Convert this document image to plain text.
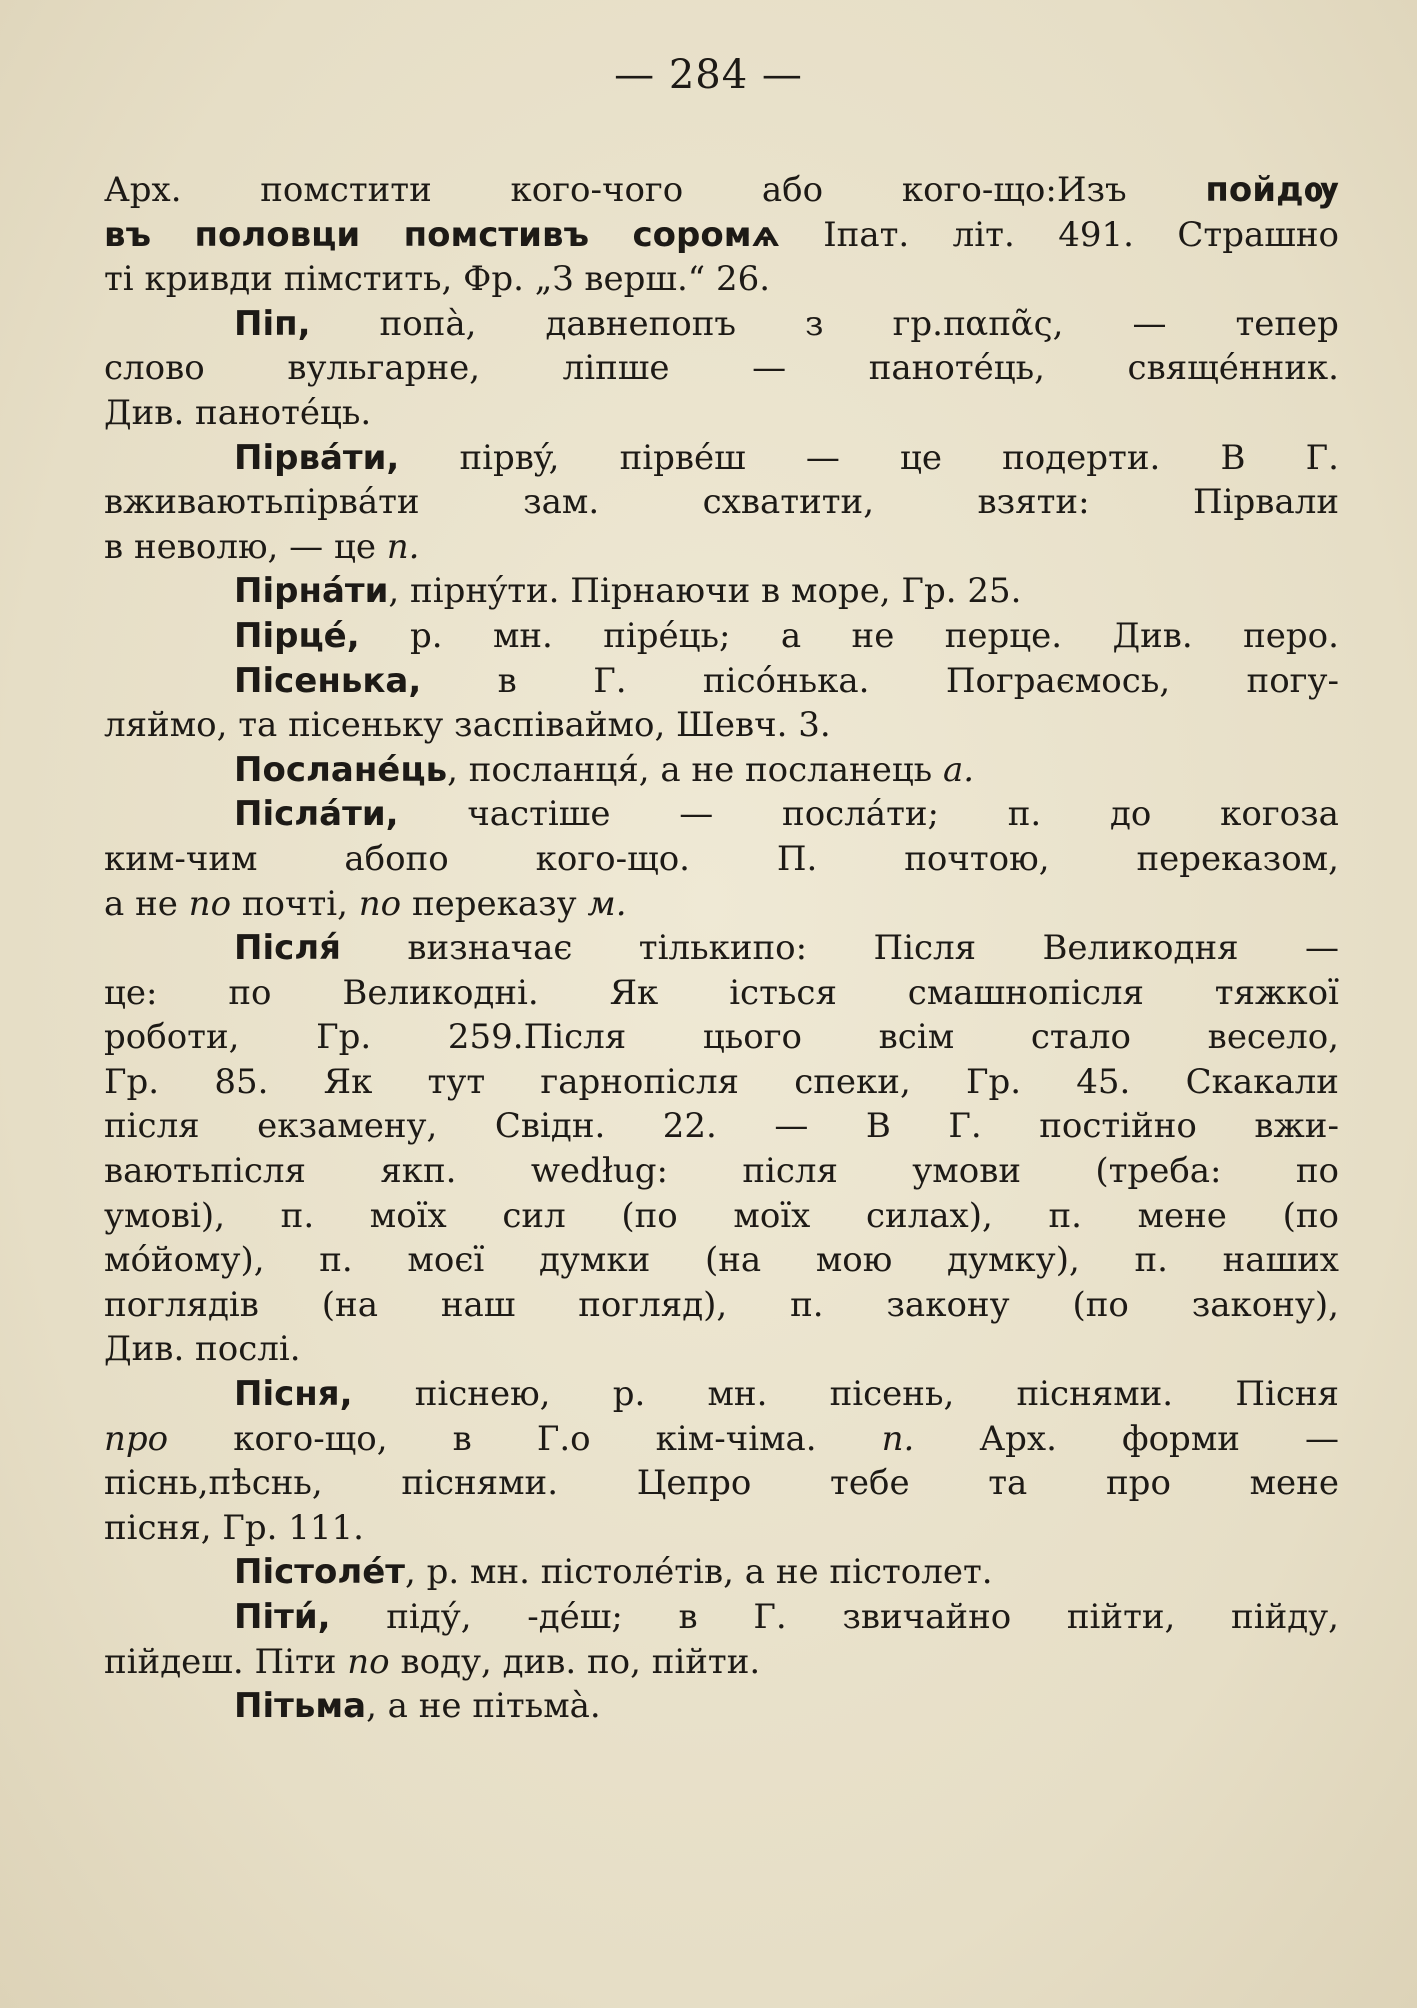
— 284 —
Арх. помстити кого-чого або кого-що:Изъ пойдѹ
въ половци помстивъ соромѧ Іпат. літ. 491. Страшно
ті кривди пімстить, Фр. „З верш.“ 26.
Піп, попа̀, давнепопъ з гр.παπᾶς, — тепер
слово вульгарне, ліпше — панотéць, свящéнник.
Див. панотéць.
Пірвáти, пірвý, пірвéш — це подерти. В Г.
вживаютьпірвáти	зам.	схватити,	взяти:	Пірвали
в неволю, — це п.
Пірнáти, пірнýти. Пірнаючи в море, Гр. 25.
Пірцé, р. мн. пірéць; а не перце. Див. перо.
Пісенька, в Г. пісóнька. Пограємось, погу-
ляймо, та пісеньку заспіваймо, Шевч. 3.
Посланéць, посланця́, а не посланець а.
Післáти, частіше — послáти; п. до когоза
ким-чим	абопо	кого-що.	П.	почтою,	переказом,
а не по почті, по переказу м.
Після́ визначає тількипо: Після Великодня —
це: по Великодні. Як істься смашнопісля тяжкої
роботи, Гр. 259.Після цього всім стало весело,
Гр. 85. Як тут гарнопісля спеки, Гр. 45. Скакали
після екзамену, Свідн. 22. — В Г. постійно вжи-
ваютьпісля якп. według: після умови (треба: по
умові), п. моїх сил (по моїх силах), п. мене (по
мóйому), п. моєї думки (на мою думку), п. наших
поглядів (на наш погляд), п. закону (по закону),
Див. послі.
Пісня, піснею, р. мн. пісень, піснями. Пісня
про кого-що, в Г.о кім-чіма. п. Арх. форми —
піснь,пѣснь, піснями. Цепро тебе та про мене
пісня, Гр. 111.
Пістолéт, р. мн. пістолéтів, а не пістолет.
Піти́, піду́, -дéш; в Г. звичайно пійти, пійду,
пійдеш. Піти по воду, див. по, пійти.
Пітьма, а не пітьма̀.
